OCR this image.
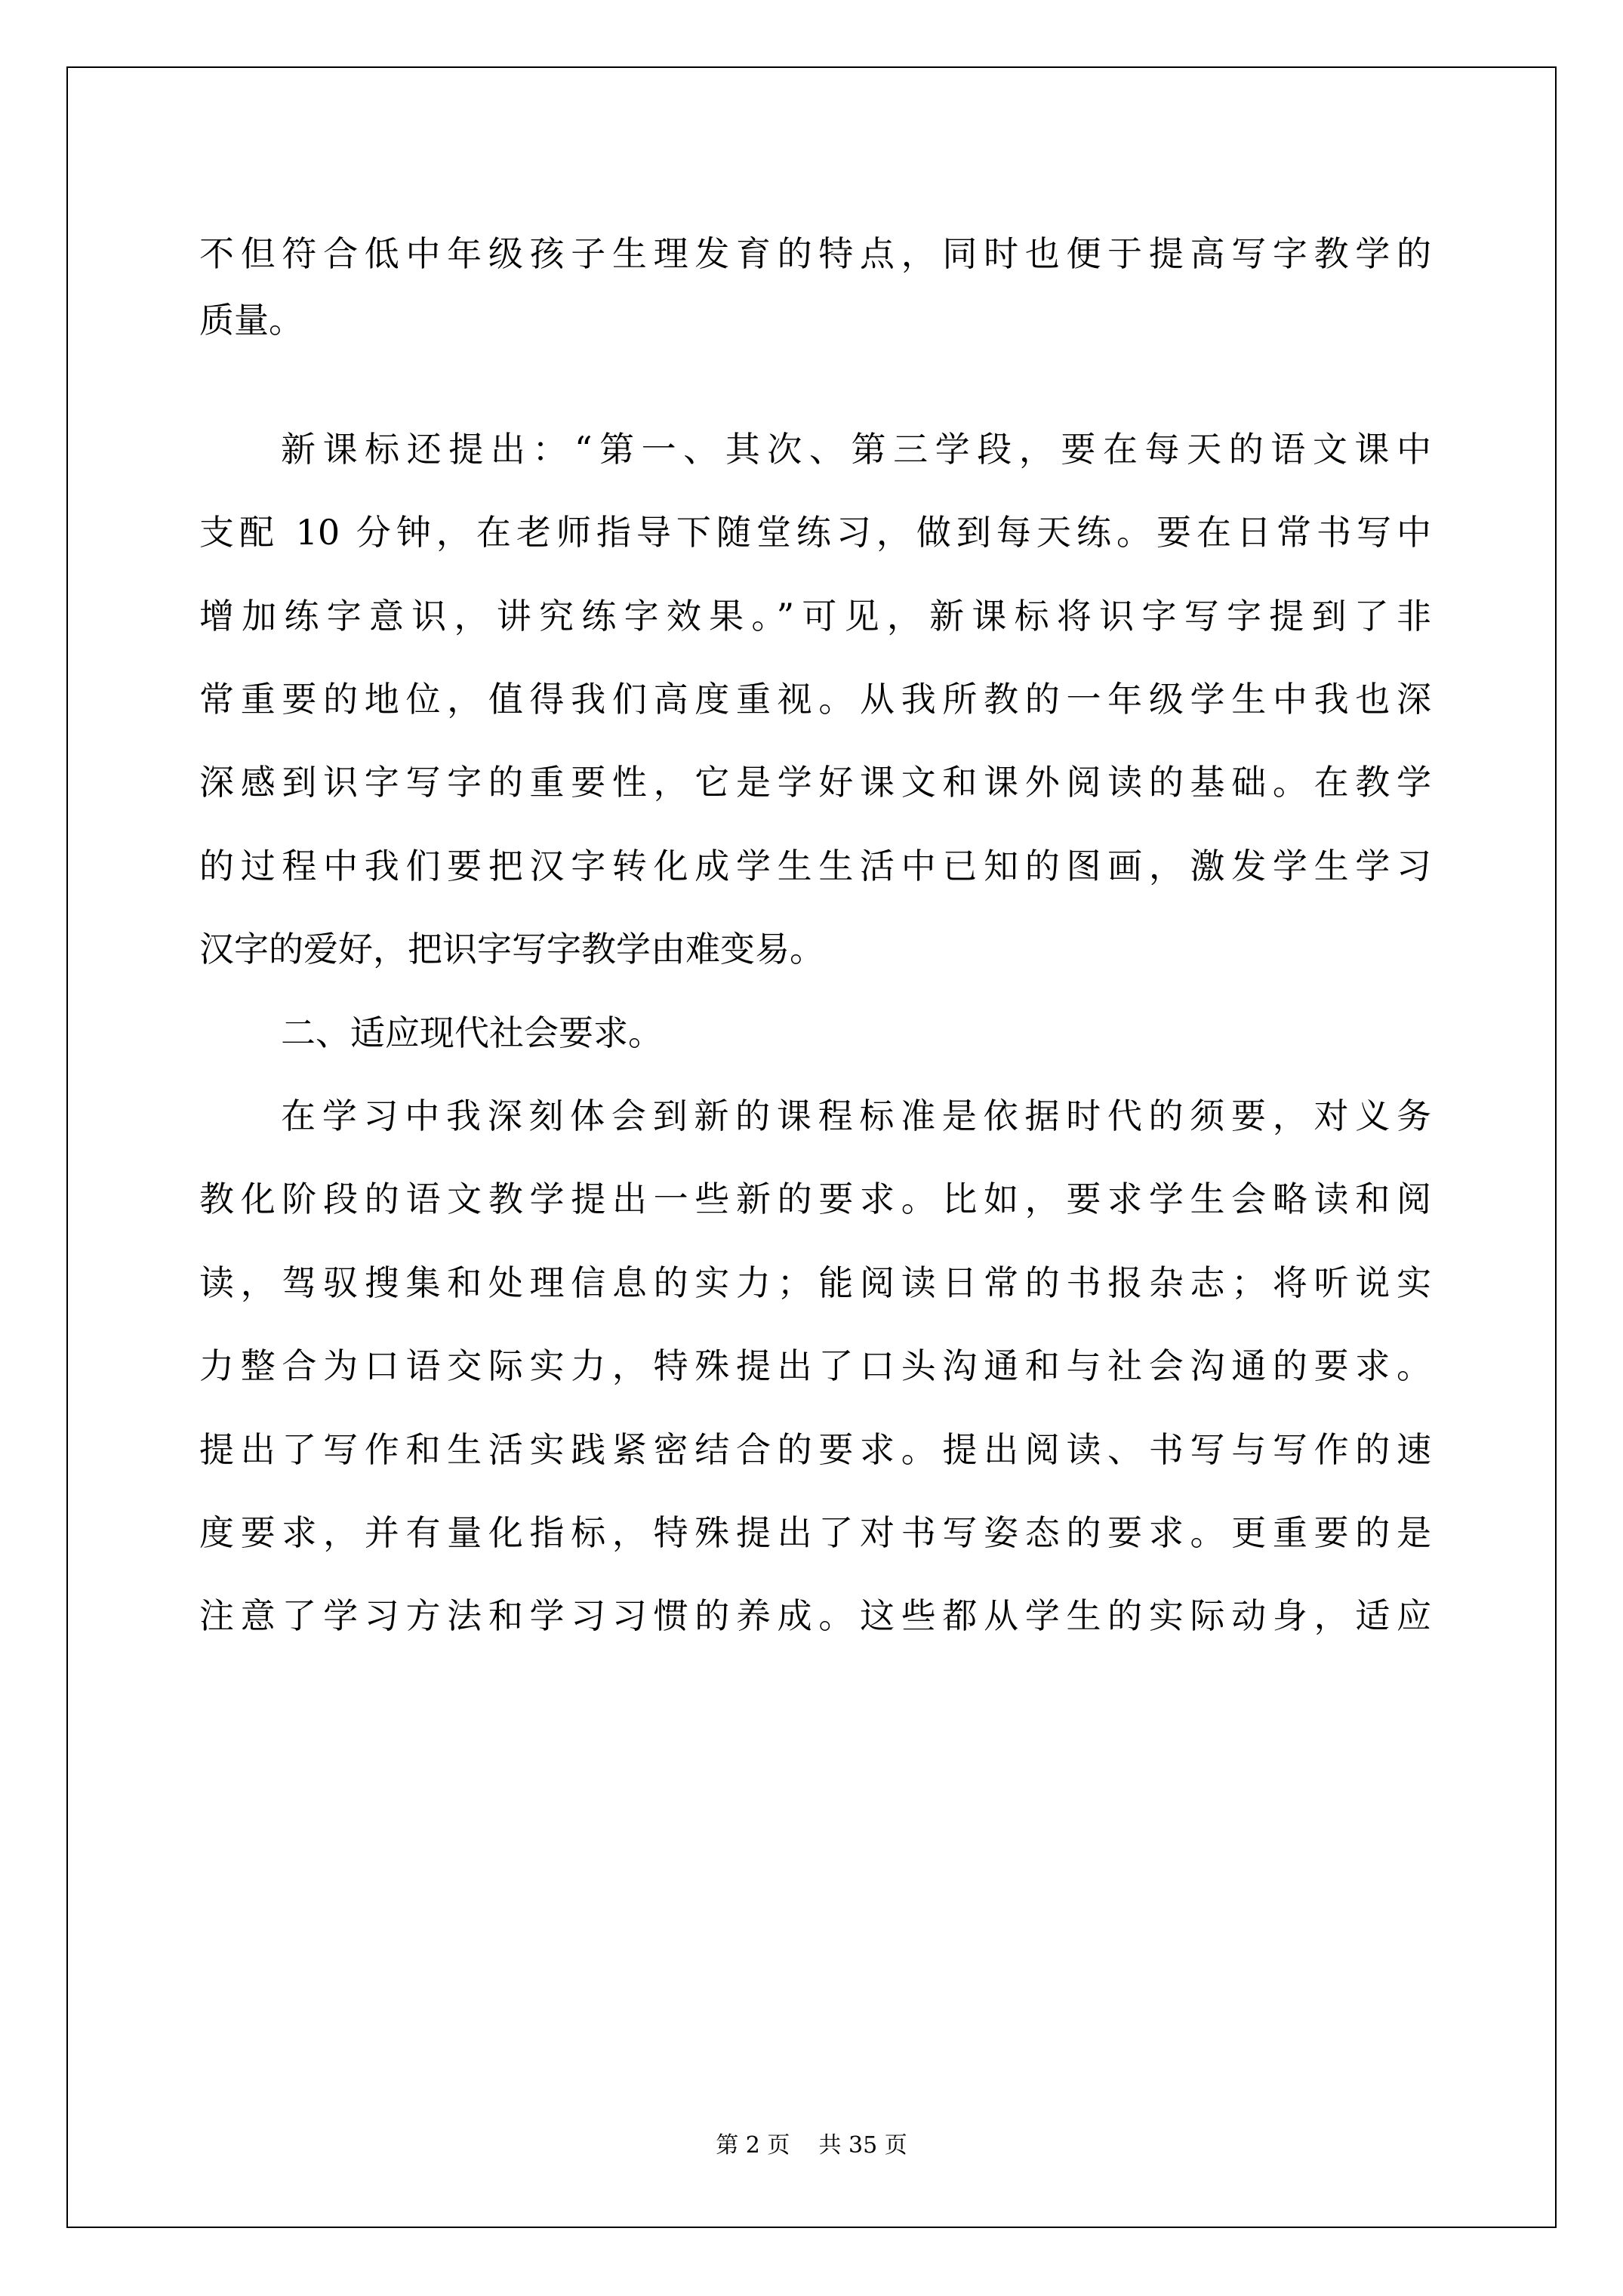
不但符合低中年级孩子生理发育的特点，同时也便于提高写字教学的
质量。
新课标还提出：“第一、其次、第三学段，要在每天的语文课中
支配 10 分钟，在老师指导下随堂练习，做到每天练。要在日常书写中
增加练字意识，讲究练字效果。”可见，新课标将识字写字提到了非
常重要的地位，值得我们高度重视。从我所教的一年级学生中我也深
深感到识字写字的重要性，它是学好课文和课外阅读的基础。在教学
的过程中我们要把汉字转化成学生生活中已知的图画，激发学生学习
汉字的爱好，把识字写字教学由难变易。
二、适应现代社会要求。
在学习中我深刻体会到新的课程标准是依据时代的须要，对义务
教化阶段的语文教学提出一些新的要求。比如，要求学生会略读和阅
读，驾驭搜集和处理信息的实力；能阅读日常的书报杂志；将听说实
力整合为口语交际实力，特殊提出了口头沟通和与社会沟通的要求。
提出了写作和生活实践紧密结合的要求。提出阅读、书写与写作的速
度要求，并有量化指标，特殊提出了对书写姿态的要求。更重要的是
注意了学习方法和学习习惯的养成。这些都从学生的实际动身，适应
第 2 页    共 35 页
